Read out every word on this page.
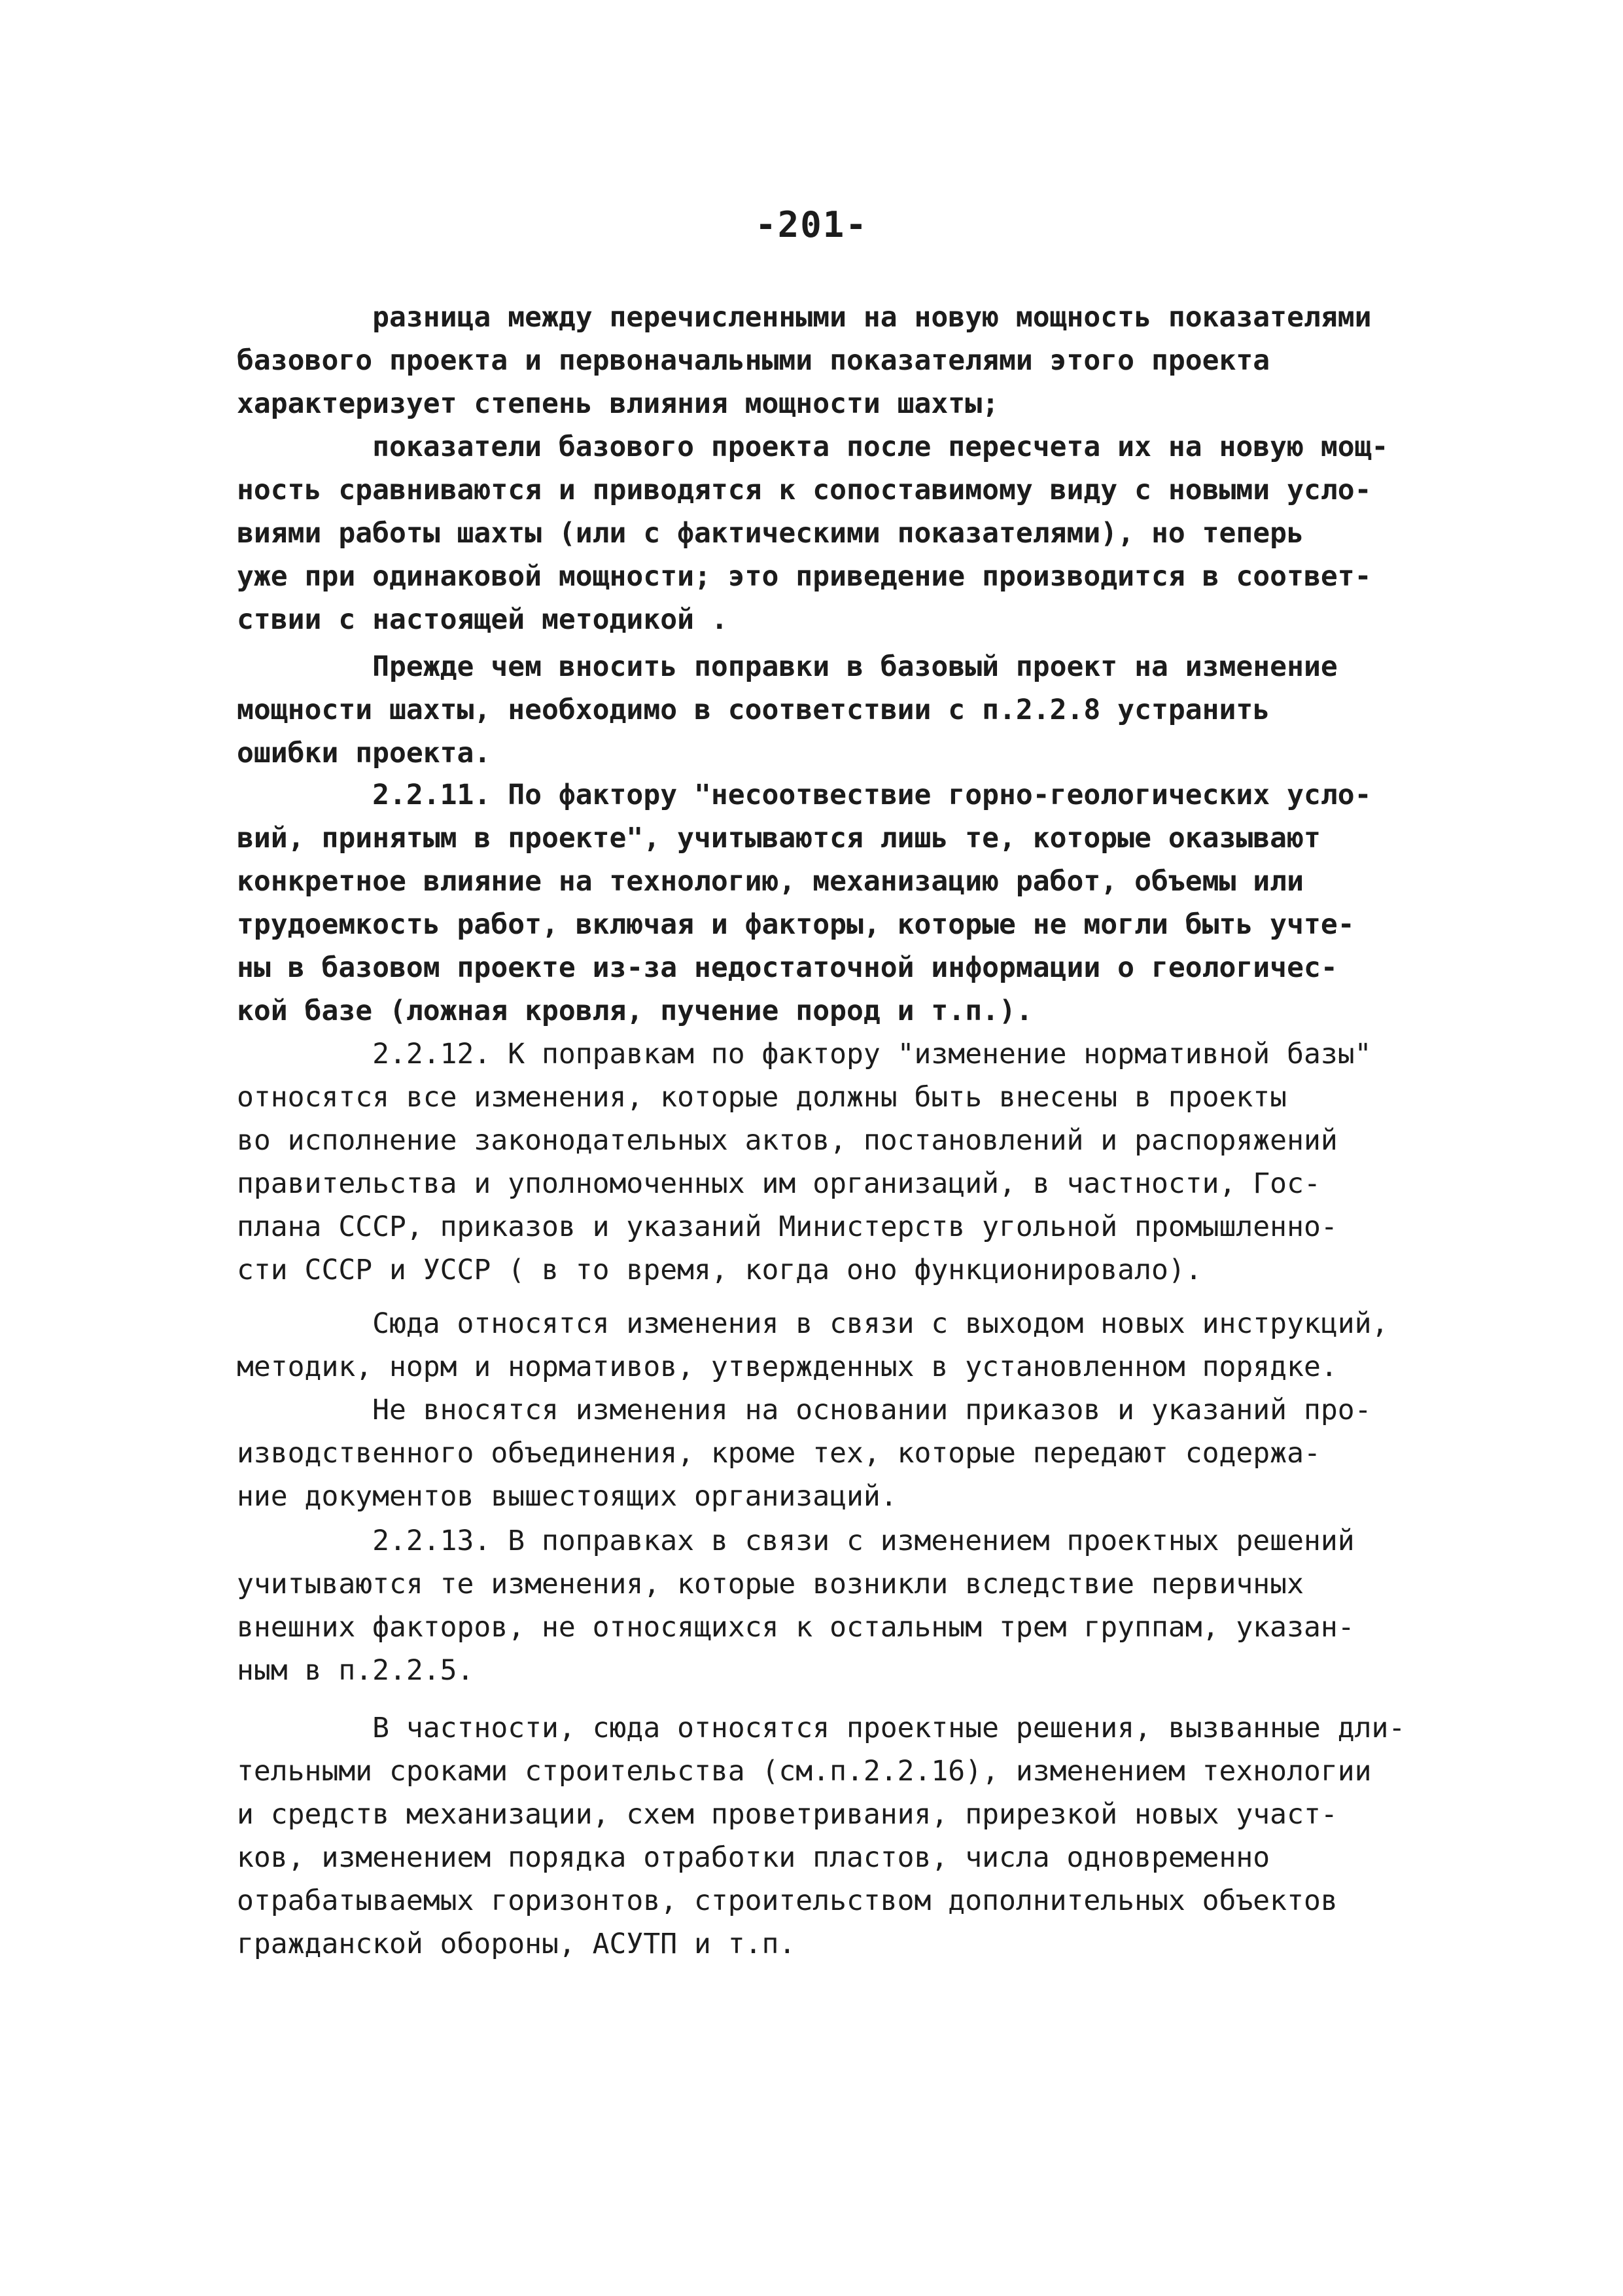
-201-
разница между перечисленными на новую мощность показателями
базового проекта и первоначальными показателями этого проекта
характеризует степень влияния мощности шахты;
показатели базового проекта после пересчета их на новую мощ-
ность сравниваются и приводятся к сопоставимому виду с новыми усло-
виями работы шахты (или с фактическими показателями), но теперь
уже при одинаковой мощности; это приведение производится в соответ-
ствии с настоящей методикой .
Прежде чем вносить поправки в базовый проект на изменение
мощности шахты, необходимо в соответствии с п.2.2.8 устранить
ошибки проекта.
2.2.11. По фактору "несоотвествие горно-геологических усло-
вий, принятым в проекте", учитываются лишь те, которые оказывают
конкретное влияние на технологию, механизацию работ, объемы или
трудоемкость работ, включая и факторы, которые не могли быть учте-
ны в базовом проекте из-за недостаточной информации о геологичес-
кой базе (ложная кровля, пучение пород и т.п.).
2.2.12. К поправкам по фактору "изменение нормативной базы"
относятся все изменения, которые должны быть внесены в проекты
во исполнение законодательных актов, постановлений и распоряжений
правительства и уполномоченных им организаций, в частности, Гос-
плана СССР, приказов и указаний Министерств угольной промышленно-
сти СССР и УССР ( в то время, когда оно функционировало).
Сюда относятся изменения в связи с выходом новых инструкций,
методик, норм и нормативов, утвержденных в установленном порядке.
Не вносятся изменения на основании приказов и указаний про-
изводственного объединения, кроме тех, которые передают содержа-
ние документов вышестоящих организаций.
2.2.13. В поправках в связи с изменением проектных решений
учитываются те изменения, которые возникли вследствие первичных
внешних факторов, не относящихся к остальным трем группам, указан-
ным в п.2.2.5.
В частности, сюда относятся проектные решения, вызванные дли-
тельными сроками строительства (см.п.2.2.16), изменением технологии
и средств механизации, схем проветривания, прирезкой новых участ-
ков, изменением порядка отработки пластов, числа одновременно
отрабатываемых горизонтов, строительством дополнительных объектов
гражданской обороны, АСУТП и т.п.
